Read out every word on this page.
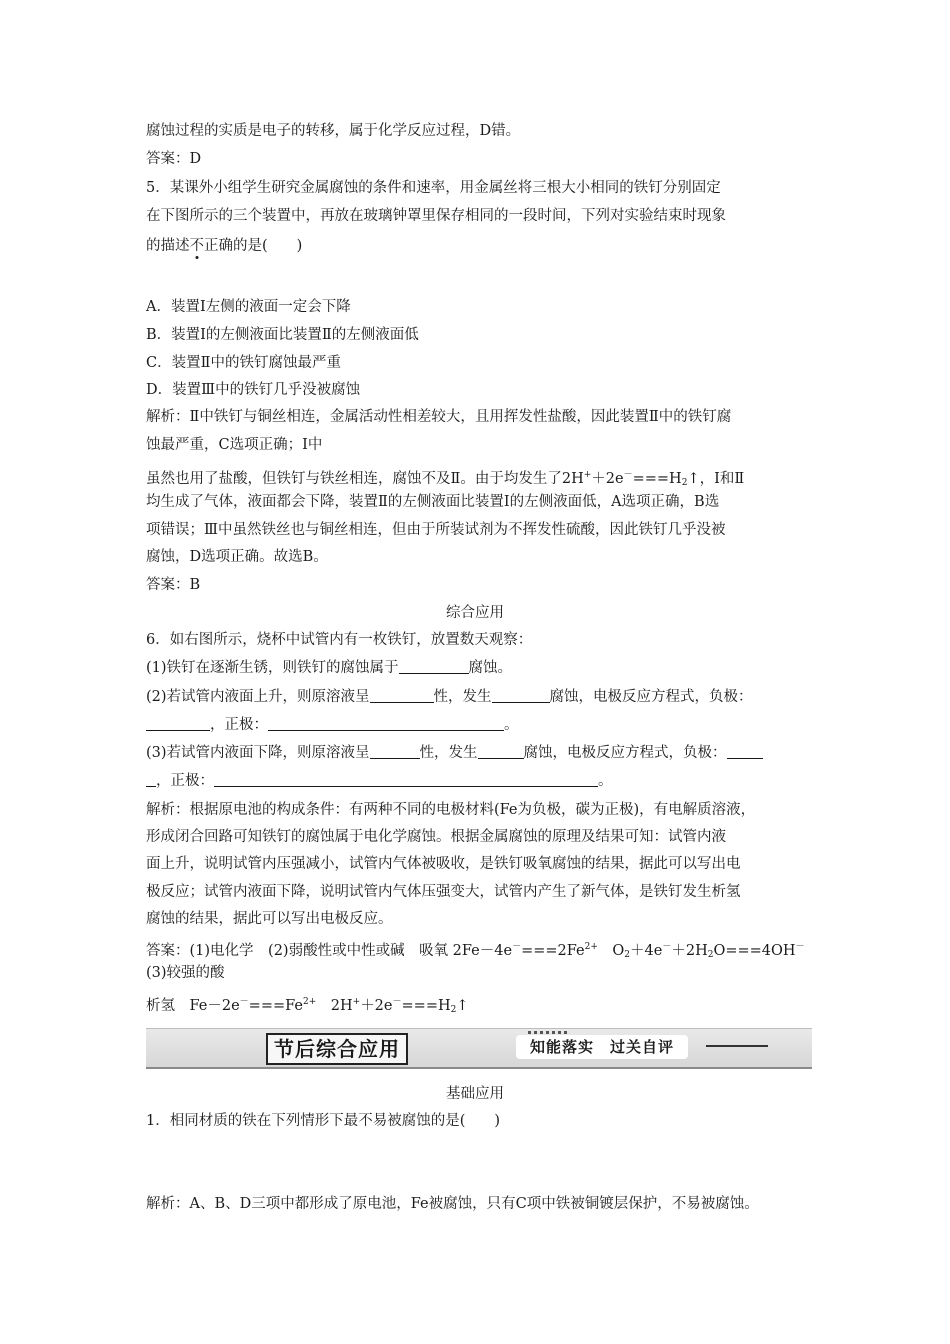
腐蚀过程的实质是电子的转移，属于化学反应过程，D错。
答案：D
5．某课外小组学生研究金属腐蚀的条件和速率，用金属丝将三根大小相同的铁钉分别固定
在下图所示的三个装置中，再放在玻璃钟罩里保存相同的一段时间，下列对实验结束时现象
的描述不正确的是(　　)
A．装置Ⅰ左侧的液面一定会下降
B．装置Ⅰ的左侧液面比装置Ⅱ的左侧液面低
C．装置Ⅱ中的铁钉腐蚀最严重
D．装置Ⅲ中的铁钉几乎没被腐蚀
解析：Ⅱ中铁钉与铜丝相连，金属活动性相差较大，且用挥发性盐酸，因此装置Ⅱ中的铁钉腐
蚀最严重，C选项正确；Ⅰ中
虽然也用了盐酸，但铁钉与铁丝相连，腐蚀不及Ⅱ。由于均发生了$2H^++2e^-===H_2↑$，Ⅰ和Ⅱ
均生成了气体，液面都会下降，装置Ⅱ的左侧液面比装置Ⅰ的左侧液面低，A选项正确，B选
项错误；Ⅲ中虽然铁丝也与铜丝相连，但由于所装试剂为不挥发性硫酸，因此铁钉几乎没被
腐蚀，D选项正确。故选B。
答案：B
综合应用
6．如右图所示，烧杯中试管内有一枚铁钉，放置数天观察：
(1)铁钉在逐渐生锈，则铁钉的腐蚀属于	腐蚀。
(2)若试管内液面上升，则原溶液呈	性，发生	腐蚀，电极反应方程式，负极：
，正极：	。
(3)若试管内液面下降，则原溶液呈	性，发生	腐蚀，电极反应方程式，负极：
，正极：	。
解析：根据原电池的构成条件：有两种不同的电极材料(Fe为负极，碳为正极)，有电解质溶液，
形成闭合回路可知铁钉的腐蚀属于电化学腐蚀。根据金属腐蚀的原理及结果可知：试管内液
面上升，说明试管内压强减小，试管内气体被吸收，是铁钉吸氧腐蚀的结果，据此可以写出电
极反应；试管内液面下降，说明试管内气体压强变大，试管内产生了新气体，是铁钉发生析氢
腐蚀的结果，据此可以写出电极反应。
答案：(1)电化学　(2)弱酸性或中性或碱　吸氧 $2Fe-4e^-===2Fe^{2+}$　$O_2+4e^-+2H_2O===4OH^-$
(3)较强的酸
析氢　$Fe-2e^-===Fe^{2+}$　$2H^++2e^-===H_2↑$
节后综合应用	知能落实　过关自评
基础应用
1．相同材质的铁在下列情形下最不易被腐蚀的是(　　)
解析：A、B、D三项中都形成了原电池，Fe被腐蚀，只有C项中铁被铜镀层保护，不易被腐蚀。
